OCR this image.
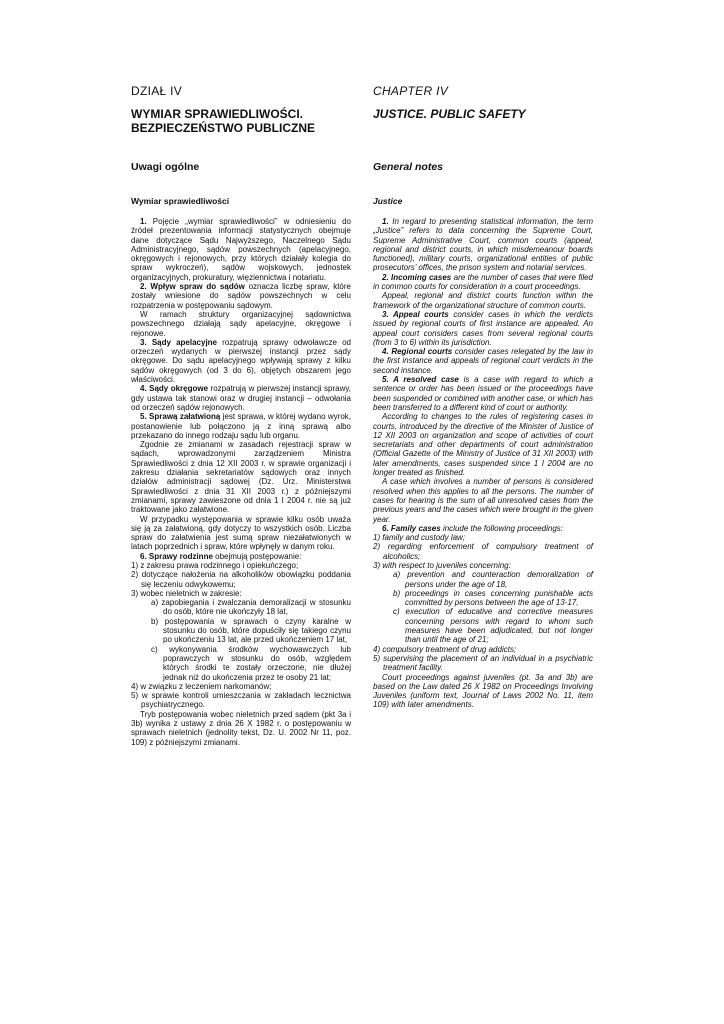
DZIAŁ IV
WYMIAR SPRAWIEDLIWOŚCI.
BEZPIECZEŃSTWO PUBLICZNE
Uwagi ogólne
Wymiar sprawiedliwości

1. Pojęcie „wymiar sprawiedliwości” w odniesieniu do źródeł prezentowania informacji statystycznych obejmuje dane dotyczące Sądu Najwyższego, Naczelnego Sądu Administracyjnego, sądów powszechnych (apelacyjnego, okręgowych i rejonowych, przy których działały kolegia do spraw wykroczeń), sądów wojskowych, jednostek organizacyjnych, prokuratury, więziennictwa i notariatu.

2. Wpływ spraw do sądów oznacza liczbę spraw, które zostały wniesione do sądów powszechnych w celu rozpatrzenia w postępowaniu sądowym.

W ramach struktury organizacyjnej sądownictwa powszechnego działają sądy apelacyjne, okręgowe i rejonowe.

3. Sądy apelacyjne rozpatrują sprawy odwoławcze od orzeczeń wydanych w pierwszej instancji przez sądy okręgowe. Do sądu apelacyjnego wpływają sprawy z kilku sądów okręgowych (od 3 do 6), objętych obszarem jego właściwości.

4. Sądy okręgowe rozpatrują w pierwszej instancji sprawy, gdy ustawa tak stanowi oraz w drugiej instancji – odwołania od orzeczeń sądów rejonowych.

5. Sprawą załatwioną jest sprawa, w której wydano wyrok, postanowienie lub połączono ją z inną sprawą albo przekazano do innego rodzaju sądu lub organu.

Zgodnie ze zmianami w zasadach rejestracji spraw w sądach, wprowadzonymi zarządzeniem Ministra Sprawiedliwości z dnia 12 XII 2003 r. w sprawie organizacji i zakresu działania sekretariatów sądowych oraz innych działów administracji sądowej (Dz. Urz. Ministerstwa Sprawiedliwości z dnia 31 XII 2003 r.) z późniejszymi zmianami, sprawy zawieszone od dnia 1 I 2004 r. nie są już traktowane jako załatwione.

W przypadku występowania w sprawie kilku osób uważa się ją za załatwioną, gdy dotyczy to wszystkich osób. Liczba spraw do załatwienia jest sumą spraw niezałatwionych w latach poprzednich i spraw, które wpłynęły w danym roku.

6. Sprawy rodzinne obejmują postępowanie:

1) z zakresu prawa rodzinnego i opiekuńczego;
2) dotyczące nałożenia na alkoholików obowiązku poddania się leczeniu odwykowemu;
3) wobec nieletnich w zakresie:
a) zapobiegania i zwalczania demoralizacji w stosunku do osób, które nie ukończyły 18 lat,
b) postępowania w sprawach o czyny karalne w stosunku do osób, które dopuściły się takiego czynu po ukończeniu 13 lat, ale przed ukończeniem 17 lat,
c) wykonywania środków wychowawczych lub poprawczych w stosunku do osób, względem których środki te zostały orzeczone, nie dłużej jednak niż do ukończenia przez te osoby 21 lat;
4) w związku z leczeniem narkomanów;
5) w sprawie kontroli umieszczania w zakładach lecznictwa psychiatrycznego.

Tryb postępowania wobec nieletnich przed sądem (pkt 3a i 3b) wynika z ustawy z dnia 26 X 1982 r. o postępowaniu w sprawach nieletnich (jednolity tekst, Dz. U. 2002 Nr 11, poz. 109) z późniejszymi zmianami.

CHAPTER IV
JUSTICE. PUBLIC SAFETY
General notes
Justice

1. In regard to presenting statistical information, the term „Justice” refers to data concerning the Supreme Court, Supreme Administrative Court, common courts (appeal, regional and district courts, in which misdemeanour boards functioned), military courts, organizational entities of public prosecutors’ offices, the prison system and notarial services.

2. Incoming cases are the number of cases that were filed in common courts for consideration in a court proceedings.

Appeal, regional and district courts function within the framework of the organizational structure of common courts.

3. Appeal courts consider cases in which the verdicts issued by regional courts of first instance are appealed. An appeal court considers cases from several regional courts (from 3 to 6) within its jurisdiction.

4. Regional courts consider cases relegated by the law in the first instance and appeals of regional court verdicts in the second instance.

5. A resolved case is a case with regard to which a sentence or order has been issued or the proceedings have been suspended or combined with another case, or which has been transferred to a different kind of court or authority.

According to changes to the rules of registering cases in courts, introduced by the directive of the Minister of Justice of 12 XII 2003 on organization and scope of activities of court secretariats and other departments of court administration (Official Gazette of the Ministry of Justice of 31 XII 2003) with later amendments, cases suspended since 1 I 2004 are no longer treated as finished.

A case which involves a number of persons is considered resolved when this applies to all the persons. The number of cases for hearing is the sum of all unresolved cases from the previous years and the cases which were brought in the given year.

6. Family cases include the following proceedings:

1) family and custody law;
2) regarding enforcement of compulsory treatment of alcoholics;
3) with respect to juveniles concerning:
a) prevention and counteraction demoralization of persons under the age of 18,
b) proceedings in cases concerning punishable acts committed by persons between the age of 13-17,
c) execution of educative and corrective measures concerning persons with regard to whom such measures have been adjudicated, but not longer than until the age of 21;
4) compulsory treatment of drug addicts;
5) supervising the placement of an individual in a psychiatric treatment facility.

Court proceedings against juveniles (pt. 3a and 3b) are based on the Law dated 26 X 1982 on Proceedings Involving Juveniles (uniform text, Journal of Laws 2002 No. 11, item 109) with later amendments.
